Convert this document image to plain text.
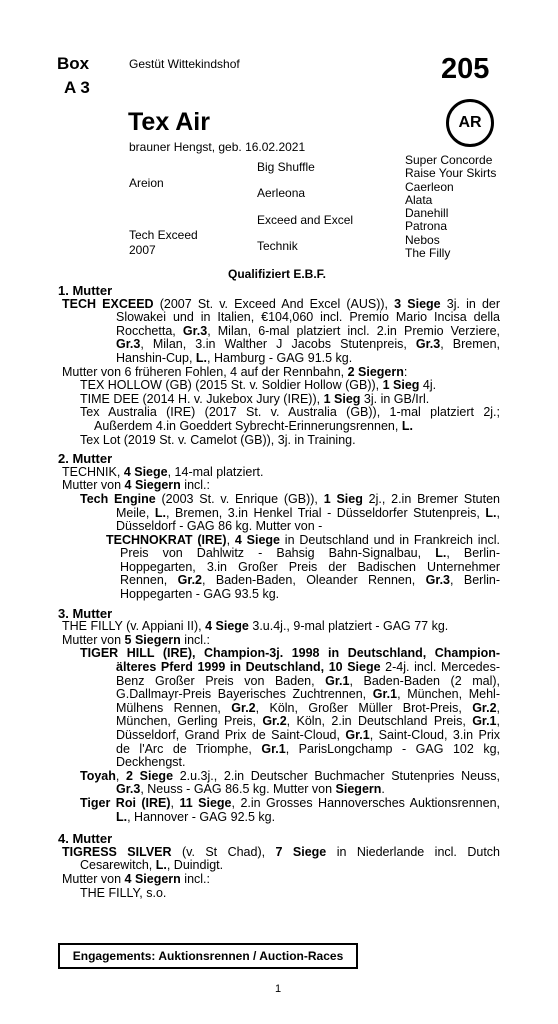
Box
A 3
Gestüt Wittekindshof	205
Tex Air	AR
brauner Hengst, geb. 16.02.2021
Areion
Tech Exceed
2007
Big Shuffle
Aerleona
Exceed and Excel
Technik
Super Concorde
Raise Your Skirts
Caerleon
Alata
Danehill
Patrona
Nebos
The Filly
Qualifiziert E.B.F.
1. Mutter

TECH EXCEED (2007 St. v. Exceed And Excel (AUS)), 3 Siege 3j. in der Slowakei und in Italien, €104,060 incl. Premio Mario Incisa della Rocchetta, Gr.3, Milan, 6-mal platziert incl. 2.in Premio Verziere, Gr.3, Milan, 3.in Walther J Jacobs Stutenpreis, Gr.3, Bremen, Hanshin-Cup, L., Hamburg - GAG 91.5 kg.

Mutter von 6 früheren Fohlen, 4 auf der Rennbahn, 2 Siegern:

TEX HOLLOW (GB) (2015 St. v. Soldier Hollow (GB)), 1 Sieg 4j.

TIME DEE (2014 H. v. Jukebox Jury (IRE)), 1 Sieg 3j. in GB/Irl.

Tex Australia (IRE) (2017 St. v. Australia (GB)), 1-mal platziert 2j.; Außerdem 4.in Goeddert Sybrecht-Erinnerungsrennen, L.

Tex Lot (2019 St. v. Camelot (GB)), 3j. in Training.

2. Mutter

TECHNIK, 4 Siege, 14-mal platziert.

Mutter von 4 Siegern incl.:

Tech Engine (2003 St. v. Enrique (GB)), 1 Sieg 2j., 2.in Bremer Stuten Meile, L., Bremen, 3.in Henkel Trial - Düsseldorfer Stutenpreis, L., Düsseldorf - GAG 86 kg. Mutter von -

TECHNOKRAT (IRE), 4 Siege in Deutschland und in Frankreich incl. Preis von Dahlwitz - Bahsig Bahn-Signalbau, L., Berlin-Hoppegarten, 3.in Großer Preis der Badischen Unternehmer Rennen, Gr.2, Baden-Baden, Oleander Rennen, Gr.3, Berlin-Hoppegarten - GAG 93.5 kg.

3. Mutter

THE FILLY (v. Appiani II), 4 Siege 3.u.4j., 9-mal platziert - GAG 77 kg.

Mutter von 5 Siegern incl.:

TIGER HILL (IRE), Champion-3j. 1998 in Deutschland, Champion-älteres Pferd 1999 in Deutschland, 10 Siege 2-4j. incl. Mercedes-Benz Großer Preis von Baden, Gr.1, Baden-Baden (2 mal), G.Dallmayr-Preis Bayerisches Zuchtrennen, Gr.1, München, Mehl-Mülhens Rennen, Gr.2, Köln, Großer Müller Brot-Preis, Gr.2, München, Gerling Preis, Gr.2, Köln, 2.in Deutschland Preis, Gr.1, Düsseldorf, Grand Prix de Saint-Cloud, Gr.1, Saint-Cloud, 3.in Prix de l'Arc de Triomphe, Gr.1, ParisLongchamp - GAG 102 kg, Deckhengst.

Toyah, 2 Siege 2.u.3j., 2.in Deutscher Buchmacher Stutenpries Neuss, Gr.3, Neuss - GAG 86.5 kg. Mutter von Siegern.

Tiger Roi (IRE), 11 Siege, 2.in Grosses Hannoversches Auktionsrennen, L., Hannover - GAG 92.5 kg.

4. Mutter

TIGRESS SILVER (v. St Chad), 7 Siege in Niederlande incl. Dutch Cesarewitch, L., Duindigt.

Mutter von 4 Siegern incl.:

THE FILLY, s.o.

Engagements: Auktionsrennen / Auction-Races
1
